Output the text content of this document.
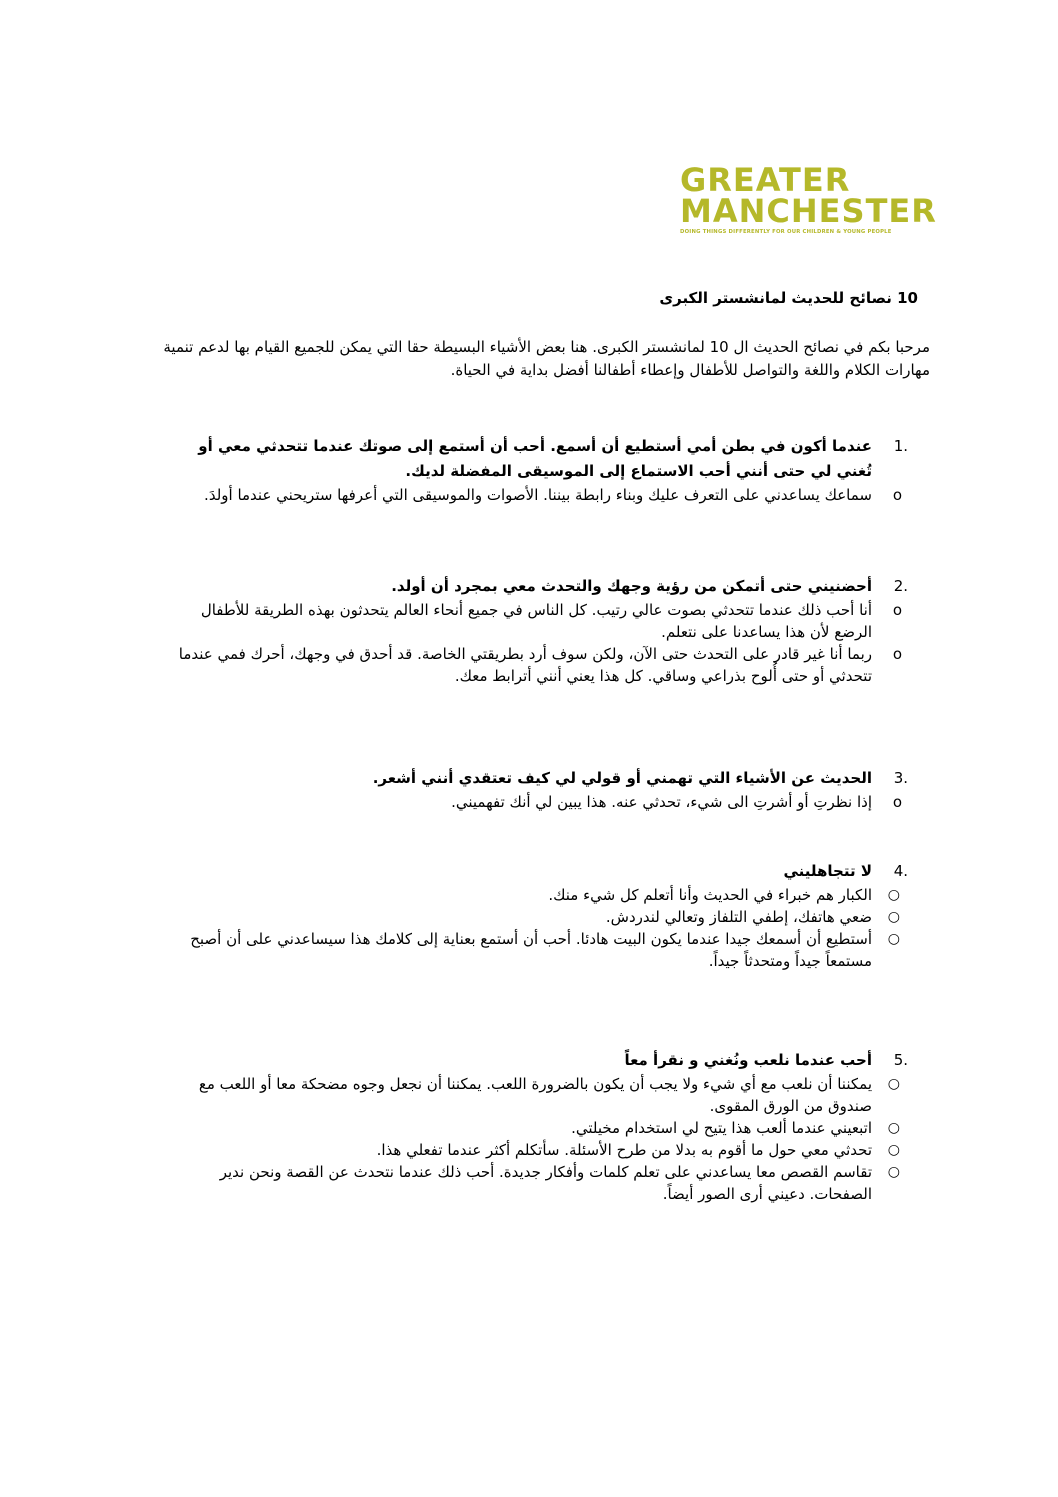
GREATER
MANCHESTER
DOING THINGS DIFFERENTLY FOR OUR CHILDREN & YOUNG PEOPLE
10 نصائح للحديث لمانشستر الكبرى
مرحبا بكم في نصائح الحديث ال 10 لمانشستر الكبرى. هنا بعض الأشياء البسيطة حقا التي يمكن للجميع القيام بها لدعم تنمية مهارات الكلام واللغة والتواصل للأطفال وإعطاء أطفالنا أفضل بداية في الحياة.
1.
عندما أكون في بطن أمي أستطيع أن أسمع. أحب أن أستمع إلى صوتك عندما تتحدثي معي أو تُغني لي حتى أنني أحب الاستماع إلى الموسيقى المفضلة لديك.
o
سماعك يساعدني على التعرف عليك وبناء رابطة بيننا. الأصوات والموسيقى التي أعرفها ستريحني عندما أولدَ.
2.
أحضنيني حتى أتمكن من رؤية وجهك والتحدث معي بمجرد أن أولد.
o
أنا أحب ذلك عندما تتحدثي بصوت عالي رتيب. كل الناس في جميع أنحاء العالم يتحدثون بهذه الطريقة للأطفال الرضع لأن هذا يساعدنا على نتعلم.
o
ربما أنا غير قادر على التحدث حتى الآن، ولكن سوف أرد بطريقتي الخاصة. قد أحدق في وجهك، أحرك فمي عندما تتحدثي أو حتى أُلوح بذراعي وساقي. كل هذا يعني أنني أترابط معك.
3.
الحديث عن الأشياء التي تهمني أو قولي لي كيف تعتقدي أنني أشعر.
o
إذا نظرتِ أو أشرتِ الى شيء، تحدثي عنه. هذا يبين لي أنك تفهميني.
4.
لا تتجاهليني
○
الكبار هم خبراء في الحديث وأنا أتعلم كل شيء منك.
○
ضعي هاتفك، إطفي التلفاز وتعالي لندردش.
○
أستطيع أن أسمعك جيدا عندما يكون البيت هادئا. أحب أن أستمع بعناية إلى كلامك هذا سيساعدني على أن أصبح مستمعاً جيداً ومتحدثاً جيداً.
5.
أحب عندما نلعب ونُغني و نقرأ معاً
○
يمكننا أن نلعب مع أي شيء ولا يجب أن يكون بالضرورة اللعب. يمكننا أن نجعل وجوه مضحكة معا أو اللعب مع صندوق من الورق المقوى.
○
اتبعيني عندما ألعب هذا يتيح لي استخدام مخيلتي.
○
تحدثي معي حول ما أقوم به بدلا من طرح الأسئلة. سأتكلم أكثر عندما تفعلي هذا.
○
تقاسم القصص معا يساعدني على تعلم كلمات وأفكار جديدة. أحب ذلك عندما نتحدث عن القصة ونحن ندير الصفحات. دعيني أرى الصور أيضاً.
